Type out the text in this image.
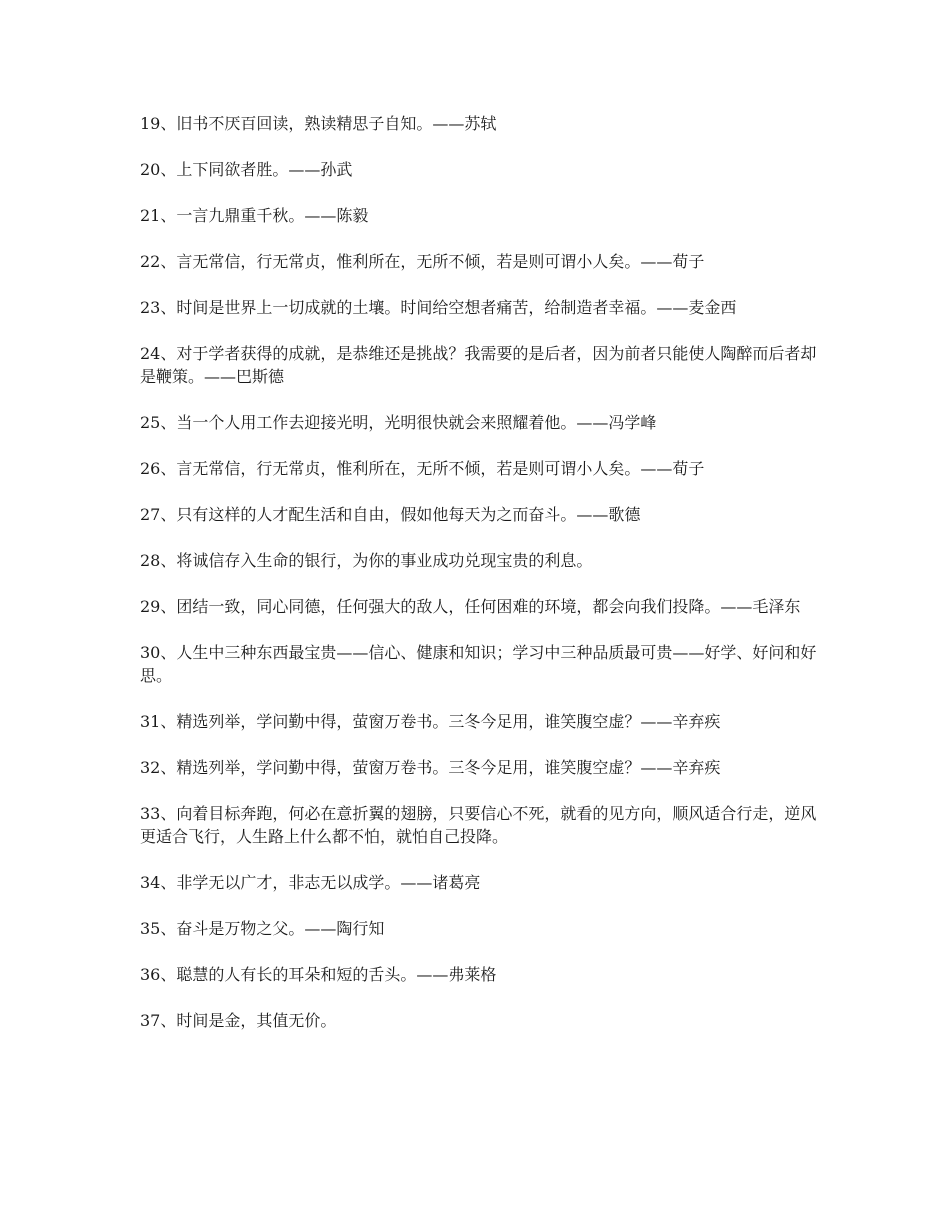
19、旧书不厌百回读，熟读精思子自知。——苏轼

20、上下同欲者胜。——孙武

21、一言九鼎重千秋。——陈毅

22、言无常信，行无常贞，惟利所在，无所不倾，若是则可谓小人矣。——荀子

23、时间是世界上一切成就的土壤。时间给空想者痛苦，给制造者幸福。——麦金西

24、对于学者获得的成就，是恭维还是挑战？我需要的是后者，因为前者只能使人陶醉而后者却是鞭策。——巴斯德

25、当一个人用工作去迎接光明，光明很快就会来照耀着他。——冯学峰

26、言无常信，行无常贞，惟利所在，无所不倾，若是则可谓小人矣。——荀子

27、只有这样的人才配生活和自由，假如他每天为之而奋斗。——歌德

28、将诚信存入生命的银行，为你的事业成功兑现宝贵的利息。

29、团结一致，同心同德，任何强大的敌人，任何困难的环境，都会向我们投降。——毛泽东

30、人生中三种东西最宝贵——信心、健康和知识；学习中三种品质最可贵——好学、好问和好思。

31、精选列举，学问勤中得，萤窗万卷书。三冬今足用，谁笑腹空虚？——辛弃疾

32、精选列举，学问勤中得，萤窗万卷书。三冬今足用，谁笑腹空虚？——辛弃疾

33、向着目标奔跑，何必在意折翼的翅膀，只要信心不死，就看的见方向，顺风适合行走，逆风更适合飞行，人生路上什么都不怕，就怕自己投降。

34、非学无以广才，非志无以成学。——诸葛亮

35、奋斗是万物之父。——陶行知

36、聪慧的人有长的耳朵和短的舌头。——弗莱格

37、时间是金，其值无价。
